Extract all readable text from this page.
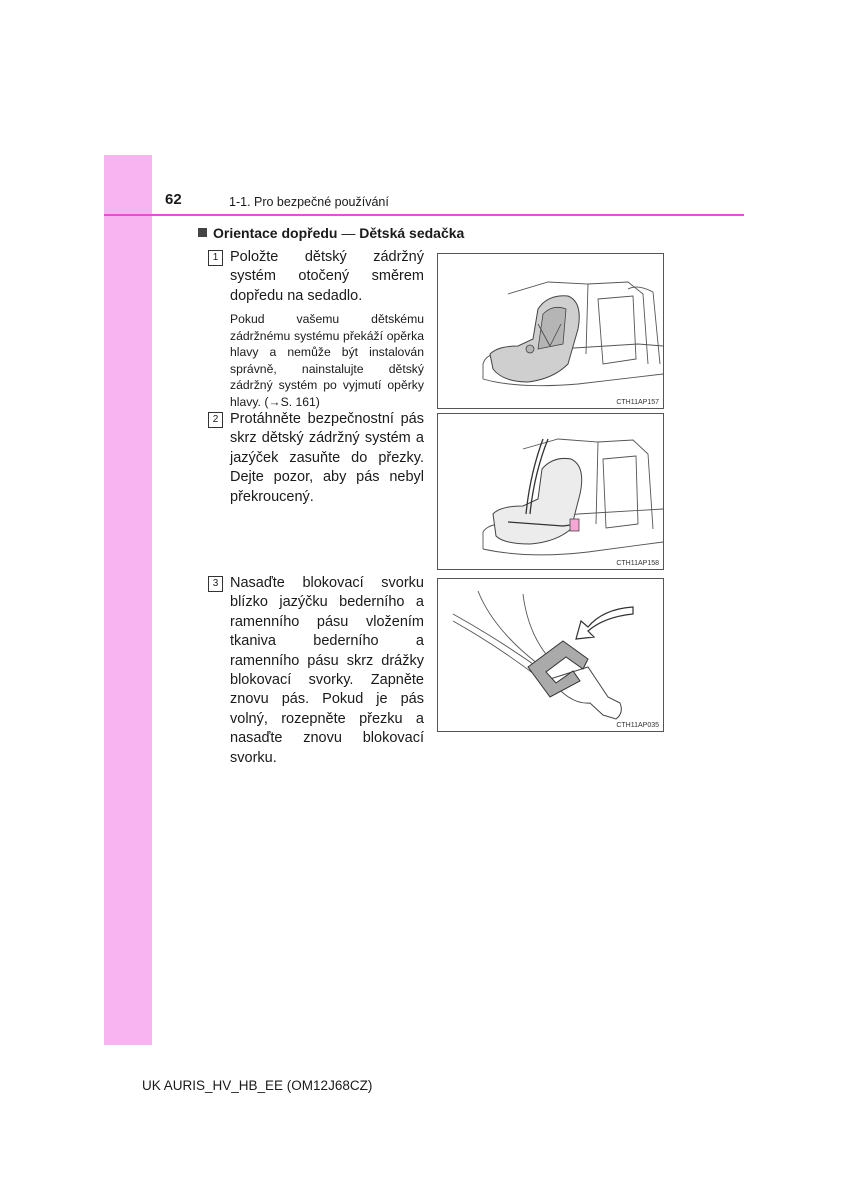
62	1-1. Pro bezpečné používání
Orientace dopředu — Dětská sedačka
1 Položte dětský zádržný systém otočený směrem dopředu na sedadlo.
Pokud vašemu dětskému zádržnému systému překáží opěrka hlavy a nemůže být instalován správně, nainstalujte dětský zádržný systém po vyjmutí opěrky hlavy. (→S. 161)	CTH11AP157
2 Protáhněte bezpečnostní pás skrz dětský zádržný systém a jazýček zasuňte do přezky. Dejte pozor, aby pás nebyl překroucený.
CTH11AP158
3 Nasaďte blokovací svorku blízko jazýčku bederního a ramenního pásu vložením tkaniva bederního a ramenního pásu skrz drážky blokovací svorky. Zapněte znovu pás. Pokud je pás volný, rozepněte přezku a nasaďte znovu blokovací svorku.
CTH11AP035
UK AURIS_HV_HB_EE (OM12J68CZ)
